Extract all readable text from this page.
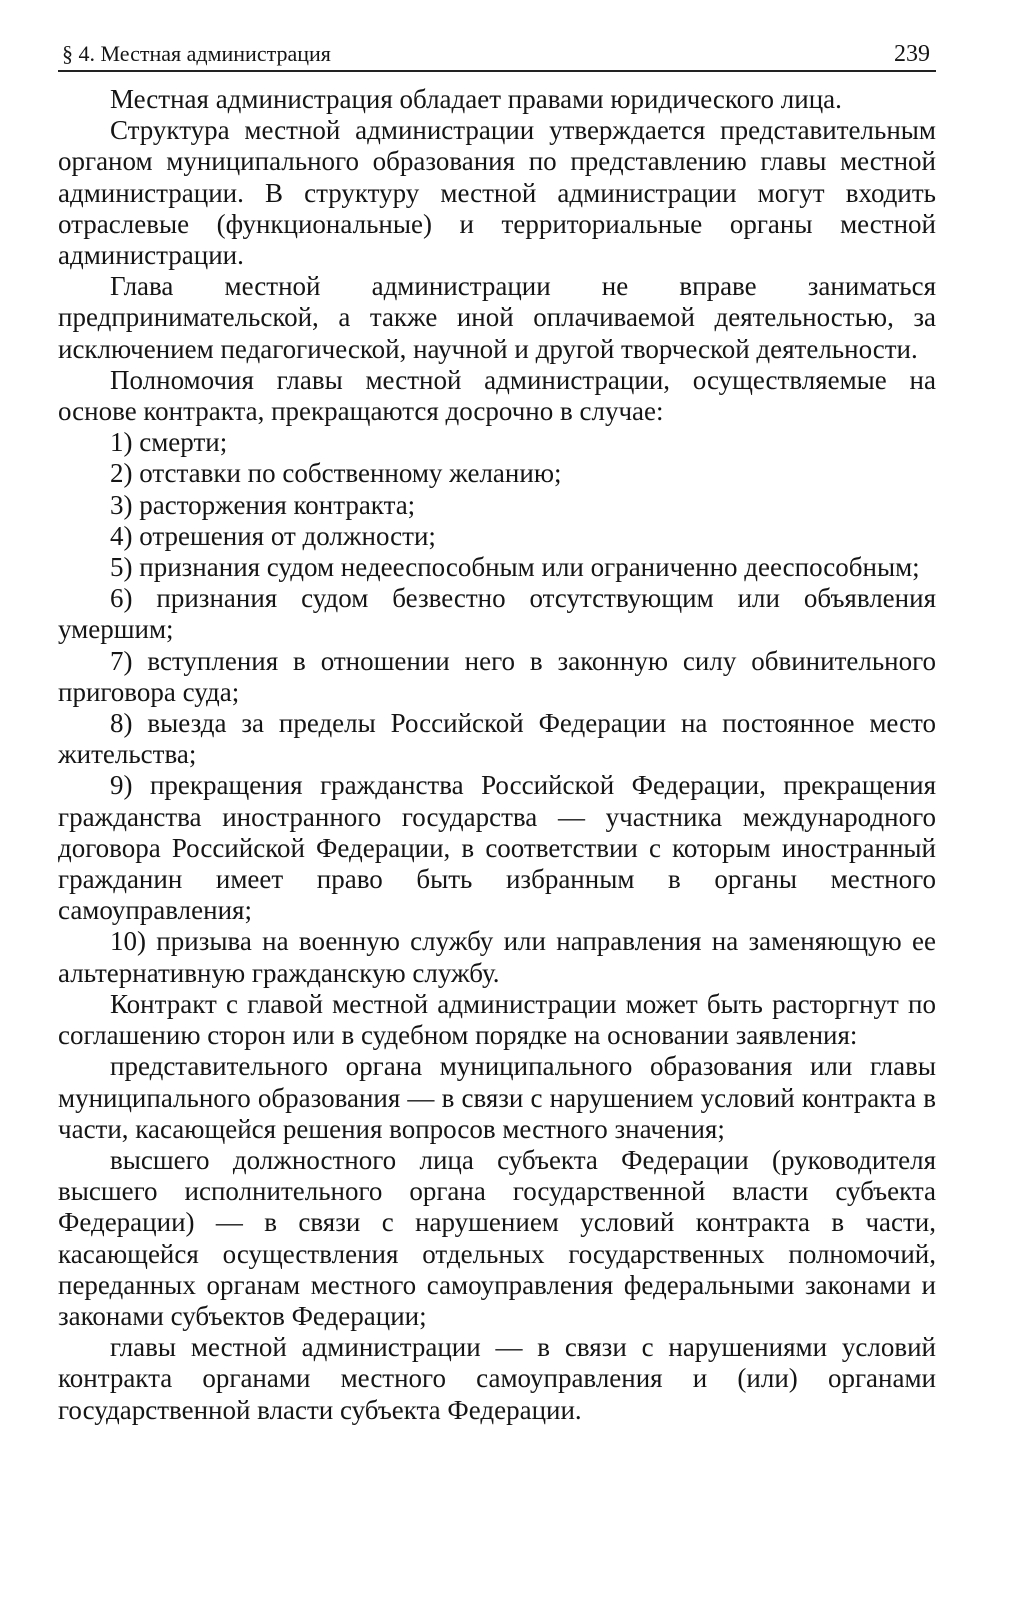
§ 4. Местная администрация	239

Местная администрация обладает правами юридического лица.

Структура местной администрации утверждается представительным органом муниципального образования по представлению главы местной администрации. В структуру местной администрации могут входить отраслевые (функциональные) и территориальные органы местной администрации.

Глава местной администрации не вправе заниматься предпринимательской, а также иной оплачиваемой деятельностью, за исключением педагогической, научной и другой творческой деятельности.

Полномочия главы местной администрации, осуществляемые на основе контракта, прекращаются досрочно в случае:

1) смерти;

2) отставки по собственному желанию;

3) расторжения контракта;

4) отрешения от должности;

5) признания судом недееспособным или ограниченно дееспособным;

6) признания судом безвестно отсутствующим или объявления умершим;

7) вступления в отношении него в законную силу обвинительного приговора суда;

8) выезда за пределы Российской Федерации на постоянное место жительства;

9) прекращения гражданства Российской Федерации, прекращения гражданства иностранного государства — участника международного договора Российской Федерации, в соответствии с которым иностранный гражданин имеет право быть избранным в органы местного самоуправления;

10) призыва на военную службу или направления на заменяющую ее альтернативную гражданскую службу.

Контракт с главой местной администрации может быть расторгнут по соглашению сторон или в судебном порядке на основании заявления:

представительного органа муниципального образования или главы муниципального образования — в связи с нарушением условий контракта в части, касающейся решения вопросов местного значения;

высшего должностного лица субъекта Федерации (руководителя высшего исполнительного органа государственной власти субъекта Федерации) — в связи с нарушением условий контракта в части, касающейся осуществления отдельных государственных полномочий, переданных органам местного самоуправления федеральными законами и законами субъектов Федерации;

главы местной администрации — в связи с нарушениями условий контракта органами местного самоуправления и (или) органами государственной власти субъекта Федерации.
